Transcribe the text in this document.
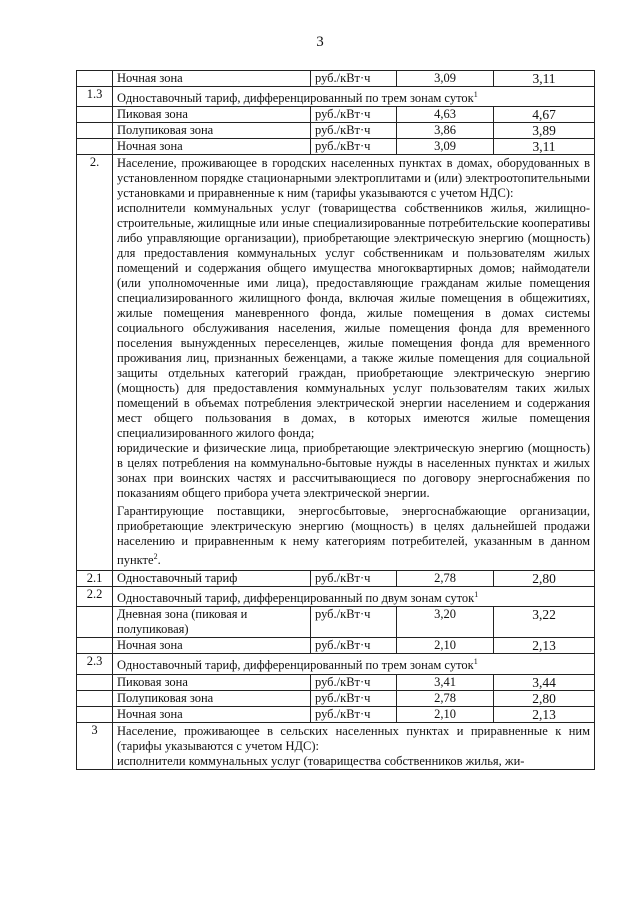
3
	Ночная зона	руб./кВт·ч	3,09	3,11
1.3	Одноставочный тариф, дифференцированный по трем зонам суток$^1$
	Пиковая зона	руб./кВт·ч	4,63	4,67
	Полупиковая зона	руб./кВт·ч	3,86	3,89
	Ночная зона	руб./кВт·ч	3,09	3,11
2.	Население, проживающее в городских населенных пунктах в домах, оборудованных в установленном порядке стационарными электроплитами и (или) электроотопительными установками и приравненные к ним (тарифы указываются с учетом НДС):

исполнители коммунальных услуг (товарищества собственников жилья, жилищно-строительные, жилищные или иные специализированные потребительские кооперативы либо управляющие организации), приобретающие электрическую энергию (мощность) для предоставления коммунальных услуг собственникам и пользователям жилых помещений и содержания общего имущества многоквартирных домов; наймодатели (или уполномоченные ими лица), предоставляющие гражданам жилые помещения специализированного жилищного фонда, включая жилые помещения в общежитиях, жилые помещения маневренного фонда, жилые помещения в домах системы социального обслуживания населения, жилые помещения фонда для временного поселения вынужденных переселенцев, жилые помещения фонда для временного проживания лиц, признанных беженцами, а также жилые помещения для социальной защиты отдельных категорий граждан, приобретающие электрическую энергию (мощность) для предоставления коммунальных услуг пользователям таких жилых помещений в объемах потребления электрической энергии населением и содержания мест общего пользования в домах, в которых имеются жилые помещения специализированного жилого фонда;

юридические и физические лица, приобретающие электрическую энергию (мощность) в целях потребления на коммунально-бытовые нужды в населенных пунктах и жилых зонах при воинских частях и рассчитывающиеся по договору энергоснабжения по показаниям общего прибора учета электрической энергии.

Гарантирующие поставщики, энергосбытовые, энергоснабжающие организации, приобретающие электрическую энергию (мощность) в целях дальнейшей продажи населению и приравненным к нему категориям потребителей, указанным в данном пункте$^2$.			

2.1	Одноставочный тариф	руб./кВт·ч	2,78	2,80
2.2	Одноставочный тариф, дифференцированный по двум зонам суток$^1$
	Дневная зона (пиковая и полупиковая)	руб./кВт·ч	3,20	3,22
	Ночная зона	руб./кВт·ч	2,10	2,13
2.3	Одноставочный тариф, дифференцированный по трем зонам суток$^1$
	Пиковая зона	руб./кВт·ч	3,41	3,44
	Полупиковая зона	руб./кВт·ч	2,78	2,80
	Ночная зона	руб./кВт·ч	2,10	2,13
3	Население, проживающее в сельских населенных пунктах и приравненные к ним (тарифы указываются с учетом НДС):

исполнители коммунальных услуг (товарищества собственников жилья, жи-			
